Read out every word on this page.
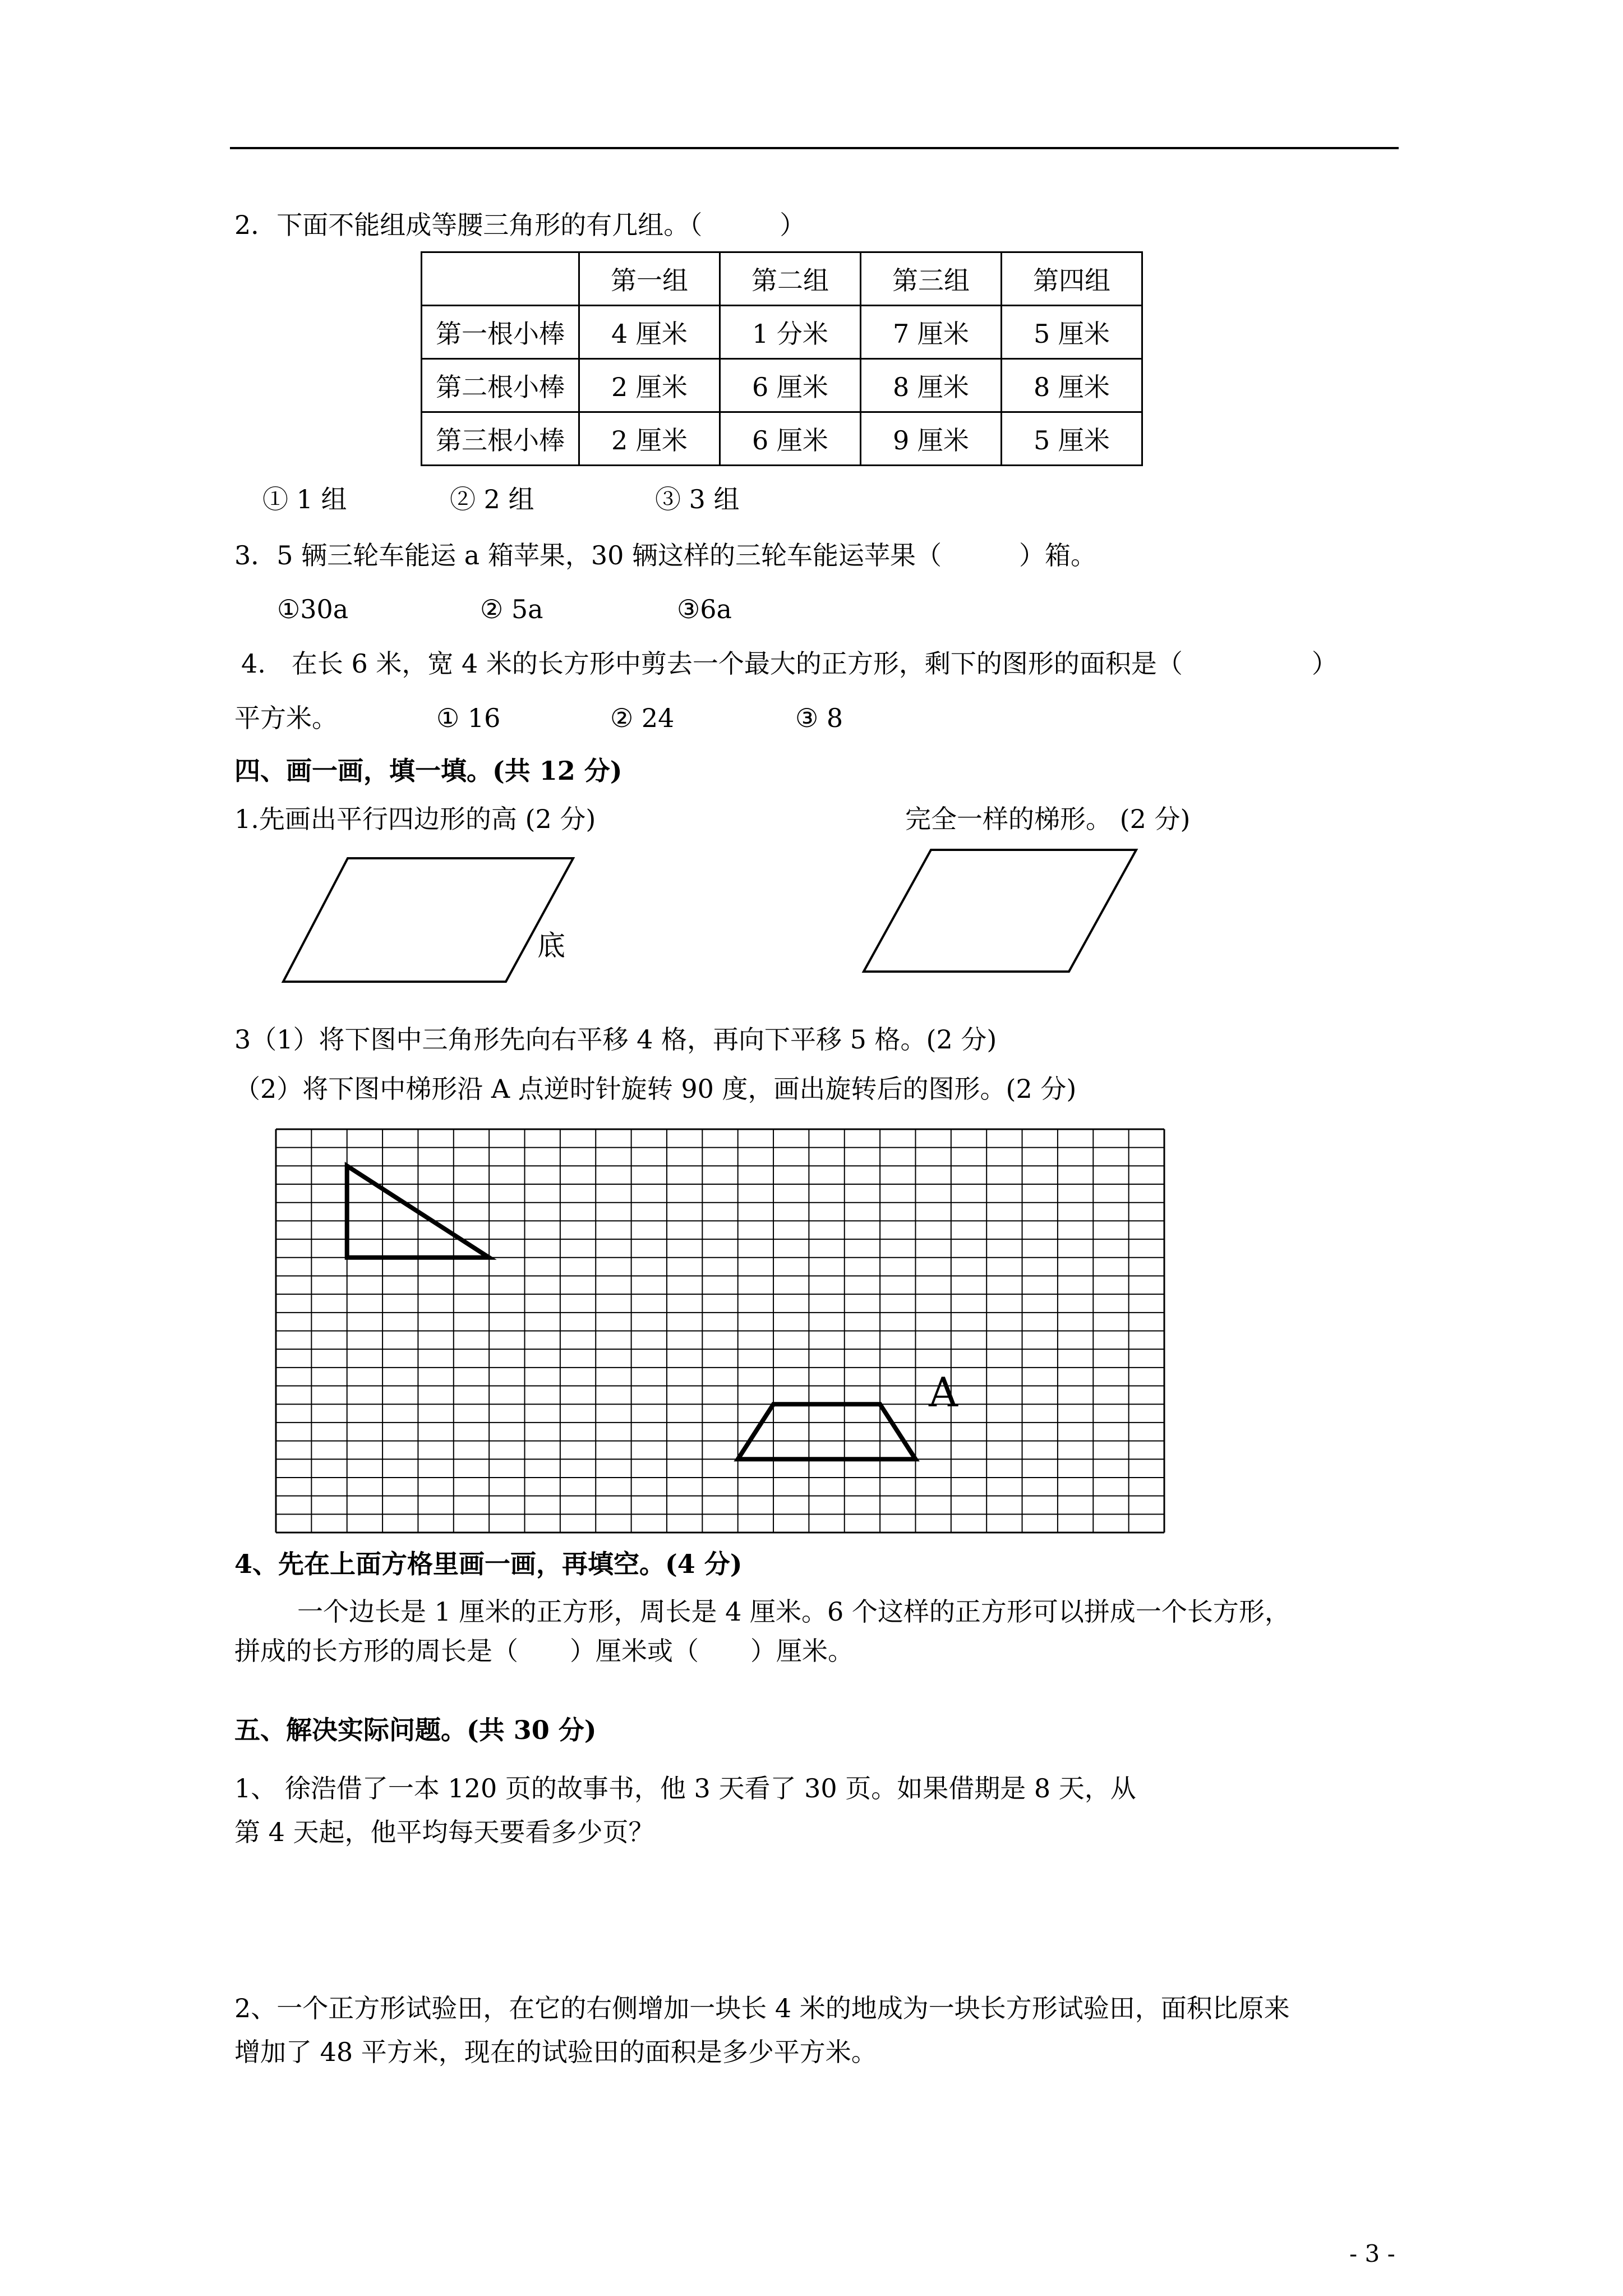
2．下面不能组成等腰三角形的有几组。（　　　）
	第一组	第二组	第三组	第四组
第一根小棒	4 厘米	1 分米	7 厘米	5 厘米
第二根小棒	2 厘米	6 厘米	8 厘米	8 厘米
第三根小棒	2 厘米	6 厘米	9 厘米	5 厘米
① 1 组	② 2 组	③ 3 组
3．5 辆三轮车能运 a 箱苹果，30 辆这样的三轮车能运苹果（　　　）箱。
①30a	② 5a	③6a
4.　在长 6 米，宽 4 米的长方形中剪去一个最大的正方形，剩下的图形的面积是（　　　　　）
平方米。	① 16	② 24	③ 8
四、画一画，填一填。(共 12 分)
1.先画出平行四边形的高 (2 分)	完全一样的梯形。 (2 分)
底
3（1）将下图中三角形先向右平移 4 格，再向下平移 5 格。(2 分)
（2）将下图中梯形沿 A 点逆时针旋转 90 度，画出旋转后的图形。(2 分)
A
4、先在上面方格里画一画，再填空。(4 分)
一个边长是 1 厘米的正方形，周长是 4 厘米。6 个这样的正方形可以拼成一个长方形，
拼成的长方形的周长是（　　）厘米或（　　）厘米。
五、解决实际问题。(共 30 分)
1、 徐浩借了一本 120 页的故事书，他 3 天看了 30 页。如果借期是 8 天，从
第 4 天起，他平均每天要看多少页？
2、一个正方形试验田，在它的右侧增加一块长 4 米的地成为一块长方形试验田，面积比原来
增加了 48 平方米，现在的试验田的面积是多少平方米。
- 3 -
